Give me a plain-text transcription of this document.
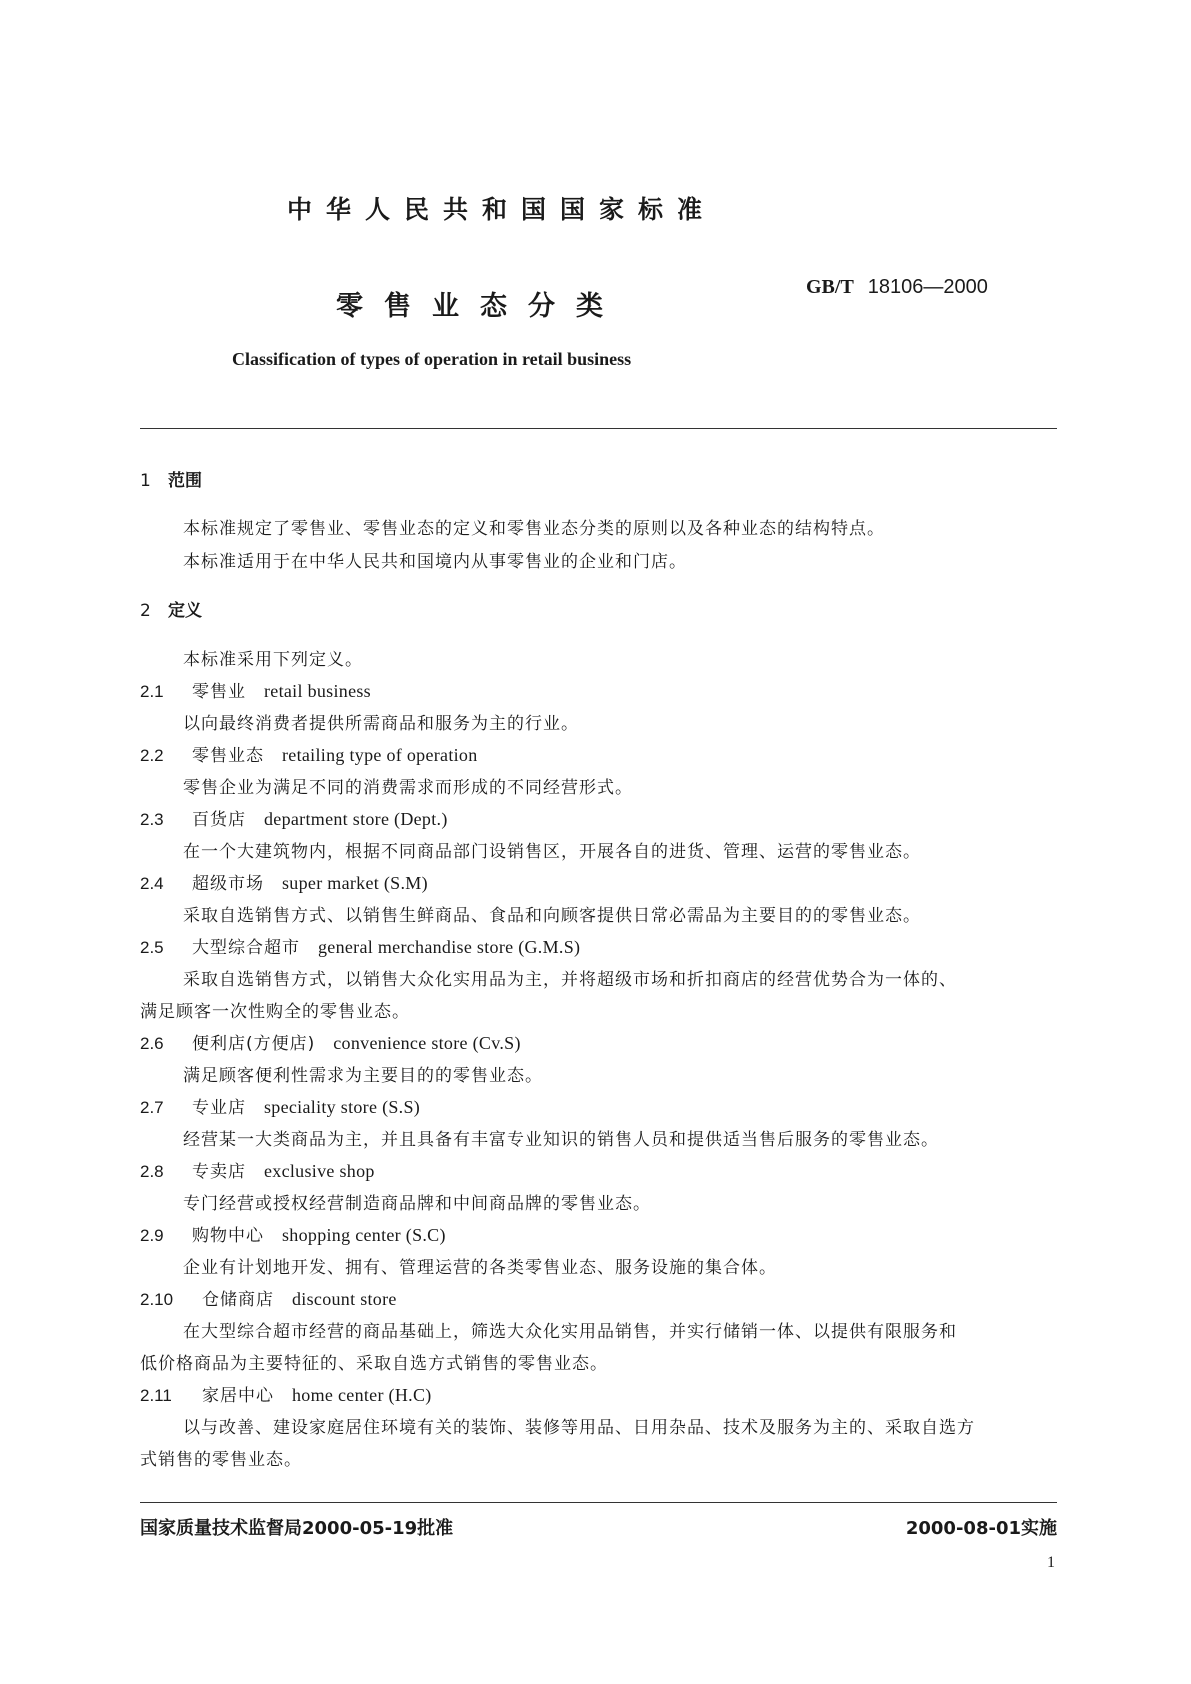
中华人民共和国国家标准
零售业态分类
GB/T 18106—2000
Classification of types of operation in retail business
1 范围
本标准规定了零售业、零售业态的定义和零售业态分类的原则以及各种业态的结构特点。
本标准适用于在中华人民共和国境内从事零售业的企业和门店。
2 定义
本标准采用下列定义。
2.1 零售业 retail business
以向最终消费者提供所需商品和服务为主的行业。
2.2 零售业态 retailing type of operation
零售企业为满足不同的消费需求而形成的不同经营形式。
2.3 百货店 department store (Dept.)
在一个大建筑物内，根据不同商品部门设销售区，开展各自的进货、管理、运营的零售业态。
2.4 超级市场 super market (S.M)
采取自选销售方式、以销售生鲜商品、食品和向顾客提供日常必需品为主要目的的零售业态。
2.5 大型综合超市 general merchandise store (G.M.S)
采取自选销售方式，以销售大众化实用品为主，并将超级市场和折扣商店的经营优势合为一体的、
满足顾客一次性购全的零售业态。
2.6 便利店(方便店) convenience store (Cv.S)
满足顾客便利性需求为主要目的的零售业态。
2.7 专业店 speciality store (S.S)
经营某一大类商品为主，并且具备有丰富专业知识的销售人员和提供适当售后服务的零售业态。
2.8 专卖店 exclusive shop
专门经营或授权经营制造商品牌和中间商品牌的零售业态。
2.9 购物中心 shopping center (S.C)
企业有计划地开发、拥有、管理运营的各类零售业态、服务设施的集合体。
2.10 仓储商店 discount store
在大型综合超市经营的商品基础上，筛选大众化实用品销售，并实行储销一体、以提供有限服务和
低价格商品为主要特征的、采取自选方式销售的零售业态。
2.11 家居中心 home center (H.C)
以与改善、建设家庭居住环境有关的装饰、装修等用品、日用杂品、技术及服务为主的、采取自选方
式销售的零售业态。
国家质量技术监督局2000-05-19批准	2000-08-01实施
1
